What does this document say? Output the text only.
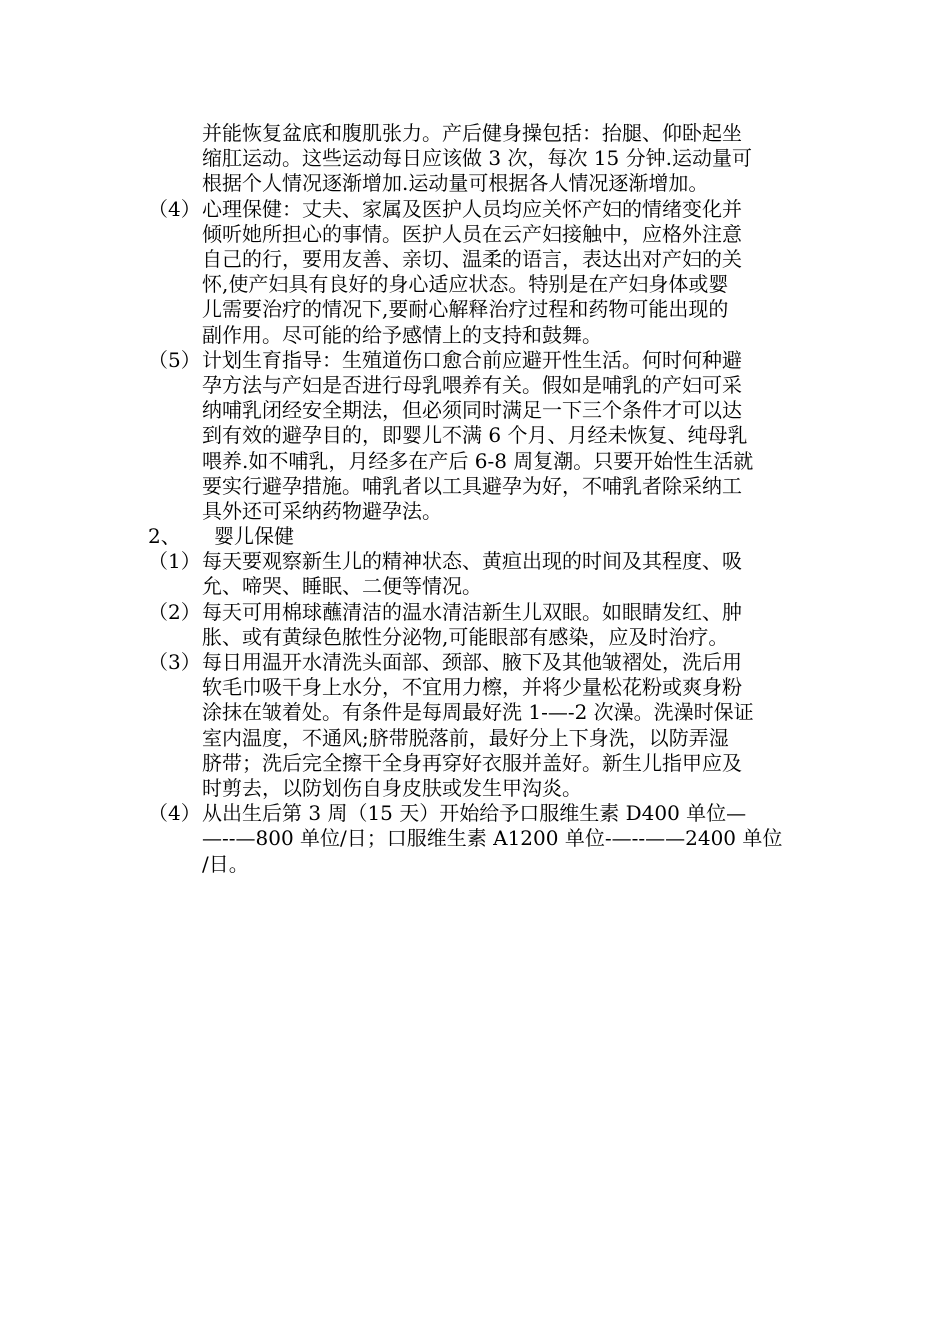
并能恢复盆底和腹肌张力。产后健身操包括：抬腿、仰卧起坐
缩肛运动。这些运动每日应该做 3 次，每次 15 分钟.运动量可
根据个人情况逐渐增加.运动量可根据各人情况逐渐增加。
（4） 心理保健：丈夫、家属及医护人员均应关怀产妇的情绪变化并
倾听她所担心的事情。医护人员在云产妇接触中，应格外注意
自己的行，要用友善、亲切、温柔的语言，表达出对产妇的关
怀,使产妇具有良好的身心适应状态。特别是在产妇身体或婴
儿需要治疗的情况下,要耐心解释治疗过程和药物可能出现的
副作用。尽可能的给予感情上的支持和鼓舞。
（5） 计划生育指导：生殖道伤口愈合前应避开性生活。何时何种避
孕方法与产妇是否进行母乳喂养有关。假如是哺乳的产妇可采
纳哺乳闭经安全期法，但必须同时满足一下三个条件才可以达
到有效的避孕目的，即婴儿不满 6 个月、月经未恢复、纯母乳
喂养.如不哺乳，月经多在产后 6-8 周复潮。只要开始性生活就
要实行避孕措施。哺乳者以工具避孕为好，不哺乳者除采纳工
具外还可采纳药物避孕法。
2、 婴儿保健
（1） 每天要观察新生儿的精神状态、黄疸出现的时间及其程度、吸
允、啼哭、睡眠、二便等情况。
（2） 每天可用棉球蘸清洁的温水清洁新生儿双眼。如眼睛发红、肿
胀、或有黄绿色脓性分泌物,可能眼部有感染，应及时治疗。
（3） 每日用温开水清洗头面部、颈部、腋下及其他皱褶处，洗后用
软毛巾吸干身上水分，不宜用力檫，并将少量松花粉或爽身粉
涂抹在皱着处。有条件是每周最好洗 1-—-2 次澡。洗澡时保证
室内温度，不通风;脐带脱落前，最好分上下身洗，以防弄湿
脐带；洗后完全擦干全身再穿好衣服并盖好。新生儿指甲应及
时剪去，以防划伤自身皮肤或发生甲沟炎。
（4） 从出生后第 3 周（15 天）开始给予口服维生素 D400 单位—
—--—800 单位/日；口服维生素 A1200 单位-—--——2400 单位
/日。
